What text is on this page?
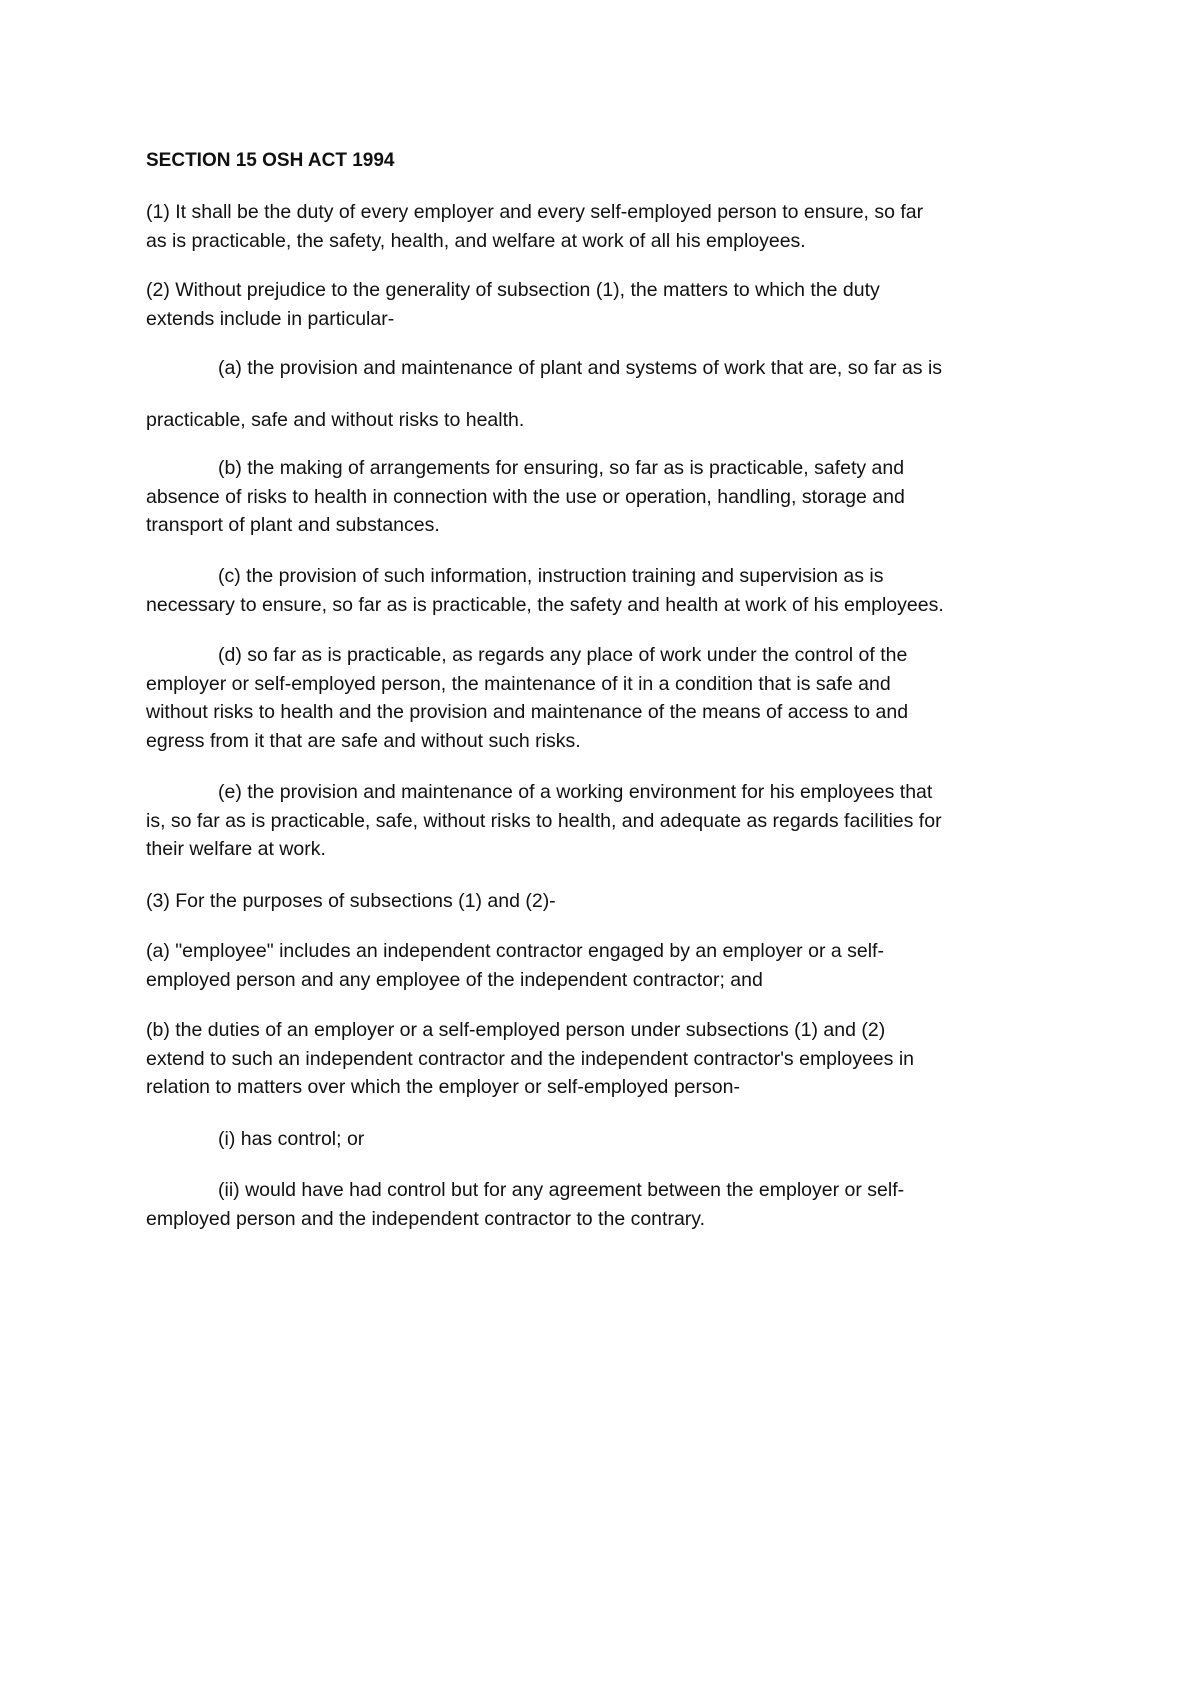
SECTION 15 OSH ACT 1994
(1) It shall be the duty of every employer and every self-employed person to ensure, so far
as is practicable, the safety, health, and welfare at work of all his employees.
(2) Without prejudice to the generality of subsection (1), the matters to which the duty
extends include in particular-
(a) the provision and maintenance of plant and systems of work that are, so far as is
practicable, safe and without risks to health.
(b) the making of arrangements for ensuring, so far as is practicable, safety and
absence of risks to health in connection with the use or operation, handling, storage and
transport of plant and substances.
(c) the provision of such information, instruction training and supervision as is
necessary to ensure, so far as is practicable, the safety and health at work of his employees.
(d) so far as is practicable, as regards any place of work under the control of the
employer or self-employed person, the maintenance of it in a condition that is safe and
without risks to health and the provision and maintenance of the means of access to and
egress from it that are safe and without such risks.
(e) the provision and maintenance of a working environment for his employees that
is, so far as is practicable, safe, without risks to health, and adequate as regards facilities for
their welfare at work.
(3) For the purposes of subsections (1) and (2)-
(a) "employee" includes an independent contractor engaged by an employer or a self-
employed person and any employee of the independent contractor; and
(b) the duties of an employer or a self-employed person under subsections (1) and (2)
extend to such an independent contractor and the independent contractor's employees in
relation to matters over which the employer or self-employed person-
(i) has control; or
(ii) would have had control but for any agreement between the employer or self-
employed person and the independent contractor to the contrary.
